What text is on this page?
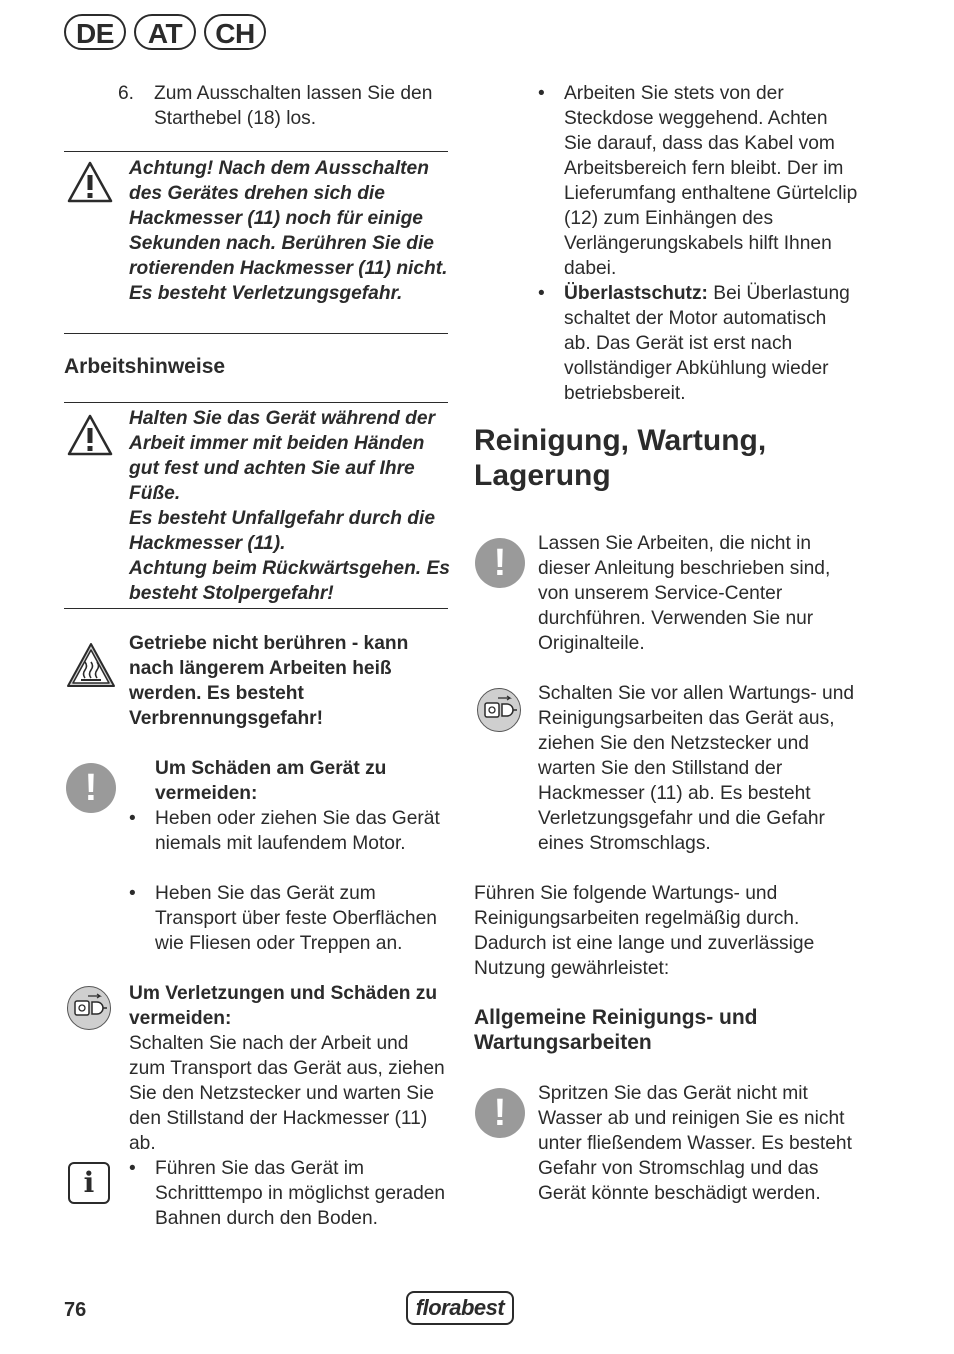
DE	AT	CH
6.	Zum Ausschalten lassen Sie den Starthebel (18) los.
Achtung! Nach dem Ausschalten des Gerätes drehen sich die Hackmesser (11) noch für einige Sekunden nach. Berühren Sie die rotierenden Hackmesser (11) nicht. Es besteht Verletzungsgefahr.
Arbeitshinweise
Halten Sie das Gerät während der Arbeit immer mit beiden Händen gut fest und achten Sie auf Ihre Füße.
Es besteht Unfallgefahr durch die Hackmesser (11).
Achtung beim Rückwärtsgehen. Es besteht Stolpergefahr!
Getriebe nicht berühren - kann nach längerem Arbeiten heiß werden. Es besteht Verbrennungsgefahr!
!	Um Schäden am Gerät zu vermeiden:
•	Heben oder ziehen Sie das Gerät niemals mit laufendem Motor.
•	Heben Sie das Gerät zum Transport über feste Oberflächen wie Fliesen oder Treppen an.
Um Verletzungen und Schäden zu vermeiden:
Schalten Sie nach der Arbeit und zum Transport das Gerät aus, ziehen Sie den Netzstecker und warten Sie den Stillstand der Hackmesser (11) ab.
i	•	Führen Sie das Gerät im Schritttempo in möglichst geraden Bahnen durch den Boden.
•	Arbeiten Sie stets von der Steckdose weggehend. Achten Sie darauf, dass das Kabel vom Arbeitsbereich fern bleibt. Der im Lieferumfang enthaltene Gürtelclip (12) zum Einhängen des Verlängerungskabels hilft Ihnen dabei.
•	Überlastschutz: Bei Überlastung schaltet der Motor automatisch ab. Das Gerät ist erst nach vollständiger Abkühlung wieder betriebsbereit.
Reinigung, Wartung, Lagerung
!	Lassen Sie Arbeiten, die nicht in dieser Anleitung beschrieben sind, von unserem Service-Center durchführen. Verwenden Sie nur Originalteile.
Schalten Sie vor allen Wartungs- und Reinigungsarbeiten das Gerät aus, ziehen Sie den Netzstecker und warten Sie den Stillstand der Hackmesser (11) ab. Es besteht Verletzungsgefahr und die Gefahr eines Stromschlags.
Führen Sie folgende Wartungs- und Reinigungsarbeiten regelmäßig durch. Dadurch ist eine lange und zuverlässige Nutzung gewährleistet:
Allgemeine Reinigungs- und Wartungsarbeiten
!	Spritzen Sie das Gerät nicht mit Wasser ab und reinigen Sie es nicht unter fließendem Wasser. Es besteht Gefahr von Stromschlag und das Gerät könnte beschädigt werden.
76	florabest
